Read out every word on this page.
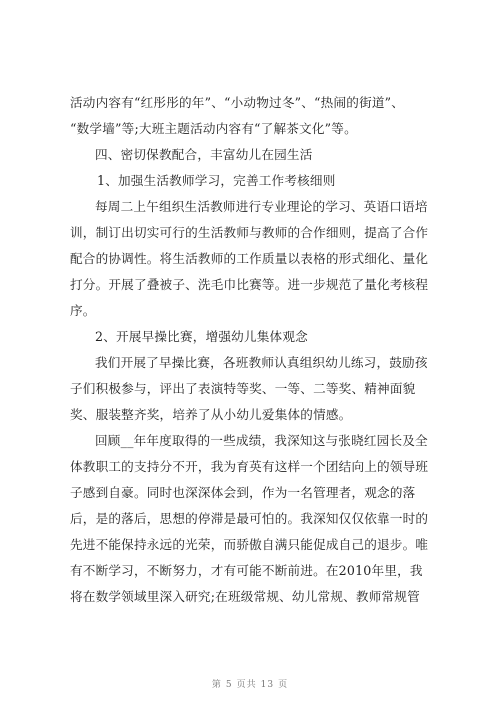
活动内容有“红彤彤的年”、“小动物过冬”、“热闹的街道”、
“数学墙”等;大班主题活动内容有“了解茶文化”等。
四、密切保教配合，丰富幼儿在园生活
1、加强生活教师学习，完善工作考核细则
每周二上午组织生活教师进行专业理论的学习、英语口语培
训，制订出切实可行的生活教师与教师的合作细则，提高了合作
配合的协调性。将生活教师的工作质量以表格的形式细化、量化
打分。开展了叠被子、洗毛巾比赛等。进一步规范了量化考核程
序。
2、开展早操比赛，增强幼儿集体观念
我们开展了早操比赛，各班教师认真组织幼儿练习，鼓励孩
子们积极参与，评出了表演特等奖、一等、二等奖、精神面貌
奖、服装整齐奖，培养了从小幼儿爱集体的情感。
回顾__年年度取得的一些成绩，我深知这与张晓红园长及全
体教职工的支持分不开，我为育英有这样一个团结向上的领导班
子感到自豪。同时也深深体会到，作为一名管理者，观念的落
后，是的落后，思想的停滞是最可怕的。我深知仅仅依靠一时的
先进不能保持永远的光荣，而骄傲自满只能促成自己的退步。唯
有不断学习，不断努力，才有可能不断前进。在2010年里，我
将在数学领域里深入研究;在班级常规、幼儿常规、教师常规管
第 5 页共 13 页
